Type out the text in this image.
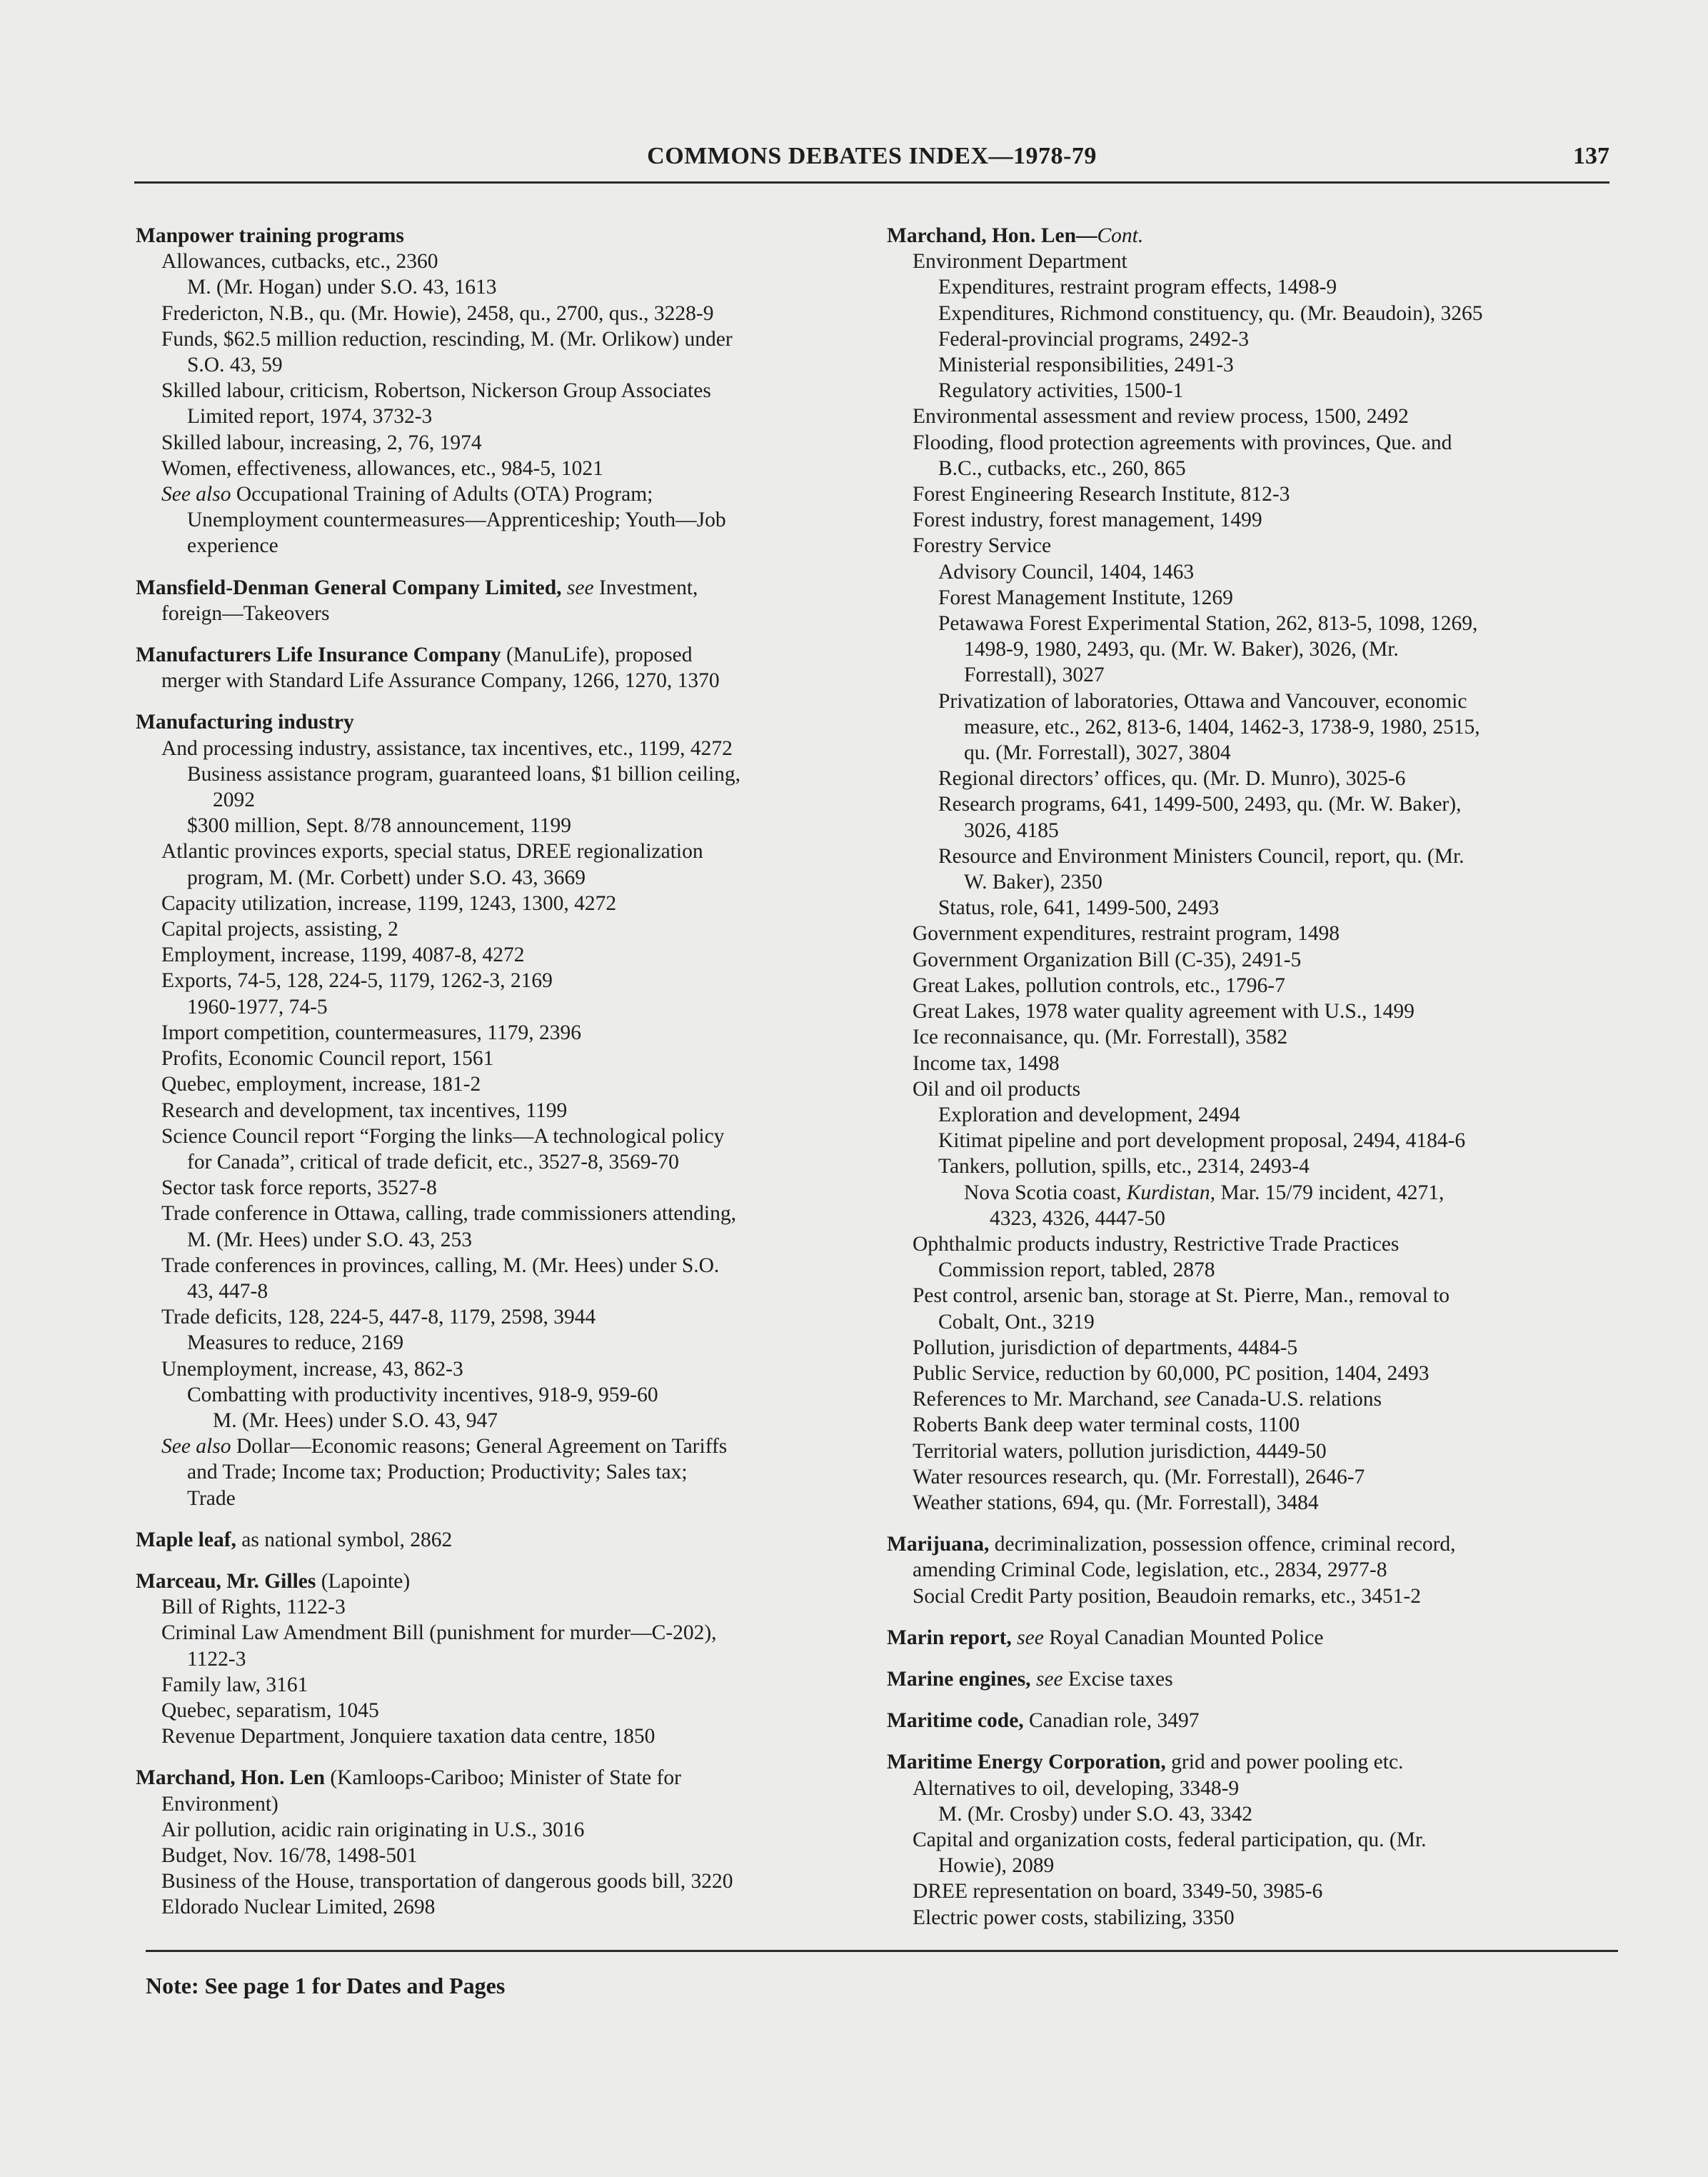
COMMONS DEBATES INDEX—1978-79	137
Manpower training programs
Allowances, cutbacks, etc., 2360
M. (Mr. Hogan) under S.O. 43, 1613
Fredericton, N.B., qu. (Mr. Howie), 2458, qu., 2700, qus., 3228-9
Funds, $62.5 million reduction, rescinding, M. (Mr. Orlikow) under
S.O. 43, 59
Skilled labour, criticism, Robertson, Nickerson Group Associates
Limited report, 1974, 3732-3
Skilled labour, increasing, 2, 76, 1974
Women, effectiveness, allowances, etc., 984-5, 1021
See also Occupational Training of Adults (OTA) Program;
Unemployment countermeasures—Apprenticeship; Youth—Job
experience
Mansfield-Denman General Company Limited, see Investment,
foreign—Takeovers
Manufacturers Life Insurance Company (ManuLife), proposed
merger with Standard Life Assurance Company, 1266, 1270, 1370
Manufacturing industry
And processing industry, assistance, tax incentives, etc., 1199, 4272
Business assistance program, guaranteed loans, $1 billion ceiling,
2092
$300 million, Sept. 8/78 announcement, 1199
Atlantic provinces exports, special status, DREE regionalization
program, M. (Mr. Corbett) under S.O. 43, 3669
Capacity utilization, increase, 1199, 1243, 1300, 4272
Capital projects, assisting, 2
Employment, increase, 1199, 4087-8, 4272
Exports, 74-5, 128, 224-5, 1179, 1262-3, 2169
1960-1977, 74-5
Import competition, countermeasures, 1179, 2396
Profits, Economic Council report, 1561
Quebec, employment, increase, 181-2
Research and development, tax incentives, 1199
Science Council report “Forging the links—A technological policy
for Canada”, critical of trade deficit, etc., 3527-8, 3569-70
Sector task force reports, 3527-8
Trade conference in Ottawa, calling, trade commissioners attending,
M. (Mr. Hees) under S.O. 43, 253
Trade conferences in provinces, calling, M. (Mr. Hees) under S.O.
43, 447-8
Trade deficits, 128, 224-5, 447-8, 1179, 2598, 3944
Measures to reduce, 2169
Unemployment, increase, 43, 862-3
Combatting with productivity incentives, 918-9, 959-60
M. (Mr. Hees) under S.O. 43, 947
See also Dollar—Economic reasons; General Agreement on Tariffs
and Trade; Income tax; Production; Productivity; Sales tax;
Trade
Maple leaf, as national symbol, 2862
Marceau, Mr. Gilles (Lapointe)
Bill of Rights, 1122-3
Criminal Law Amendment Bill (punishment for murder—C-202),
1122-3
Family law, 3161
Quebec, separatism, 1045
Revenue Department, Jonquiere taxation data centre, 1850
Marchand, Hon. Len (Kamloops-Cariboo; Minister of State for
Environment)
Air pollution, acidic rain originating in U.S., 3016
Budget, Nov. 16/78, 1498-501
Business of the House, transportation of dangerous goods bill, 3220
Eldorado Nuclear Limited, 2698
Marchand, Hon. Len—Cont.
Environment Department
Expenditures, restraint program effects, 1498-9
Expenditures, Richmond constituency, qu. (Mr. Beaudoin), 3265
Federal-provincial programs, 2492-3
Ministerial responsibilities, 2491-3
Regulatory activities, 1500-1
Environmental assessment and review process, 1500, 2492
Flooding, flood protection agreements with provinces, Que. and
B.C., cutbacks, etc., 260, 865
Forest Engineering Research Institute, 812-3
Forest industry, forest management, 1499
Forestry Service
Advisory Council, 1404, 1463
Forest Management Institute, 1269
Petawawa Forest Experimental Station, 262, 813-5, 1098, 1269,
1498-9, 1980, 2493, qu. (Mr. W. Baker), 3026, (Mr.
Forrestall), 3027
Privatization of laboratories, Ottawa and Vancouver, economic
measure, etc., 262, 813-6, 1404, 1462-3, 1738-9, 1980, 2515,
qu. (Mr. Forrestall), 3027, 3804
Regional directors’ offices, qu. (Mr. D. Munro), 3025-6
Research programs, 641, 1499-500, 2493, qu. (Mr. W. Baker),
3026, 4185
Resource and Environment Ministers Council, report, qu. (Mr.
W. Baker), 2350
Status, role, 641, 1499-500, 2493
Government expenditures, restraint program, 1498
Government Organization Bill (C-35), 2491-5
Great Lakes, pollution controls, etc., 1796-7
Great Lakes, 1978 water quality agreement with U.S., 1499
Ice reconnaisance, qu. (Mr. Forrestall), 3582
Income tax, 1498
Oil and oil products
Exploration and development, 2494
Kitimat pipeline and port development proposal, 2494, 4184-6
Tankers, pollution, spills, etc., 2314, 2493-4
Nova Scotia coast, Kurdistan, Mar. 15/79 incident, 4271,
4323, 4326, 4447-50
Ophthalmic products industry, Restrictive Trade Practices
Commission report, tabled, 2878
Pest control, arsenic ban, storage at St. Pierre, Man., removal to
Cobalt, Ont., 3219
Pollution, jurisdiction of departments, 4484-5
Public Service, reduction by 60,000, PC position, 1404, 2493
References to Mr. Marchand, see Canada-U.S. relations
Roberts Bank deep water terminal costs, 1100
Territorial waters, pollution jurisdiction, 4449-50
Water resources research, qu. (Mr. Forrestall), 2646-7
Weather stations, 694, qu. (Mr. Forrestall), 3484
Marijuana, decriminalization, possession offence, criminal record,
amending Criminal Code, legislation, etc., 2834, 2977-8
Social Credit Party position, Beaudoin remarks, etc., 3451-2
Marin report, see Royal Canadian Mounted Police
Marine engines, see Excise taxes
Maritime code, Canadian role, 3497
Maritime Energy Corporation, grid and power pooling etc.
Alternatives to oil, developing, 3348-9
M. (Mr. Crosby) under S.O. 43, 3342
Capital and organization costs, federal participation, qu. (Mr.
Howie), 2089
DREE representation on board, 3349-50, 3985-6
Electric power costs, stabilizing, 3350
Note: See page 1 for Dates and Pages
